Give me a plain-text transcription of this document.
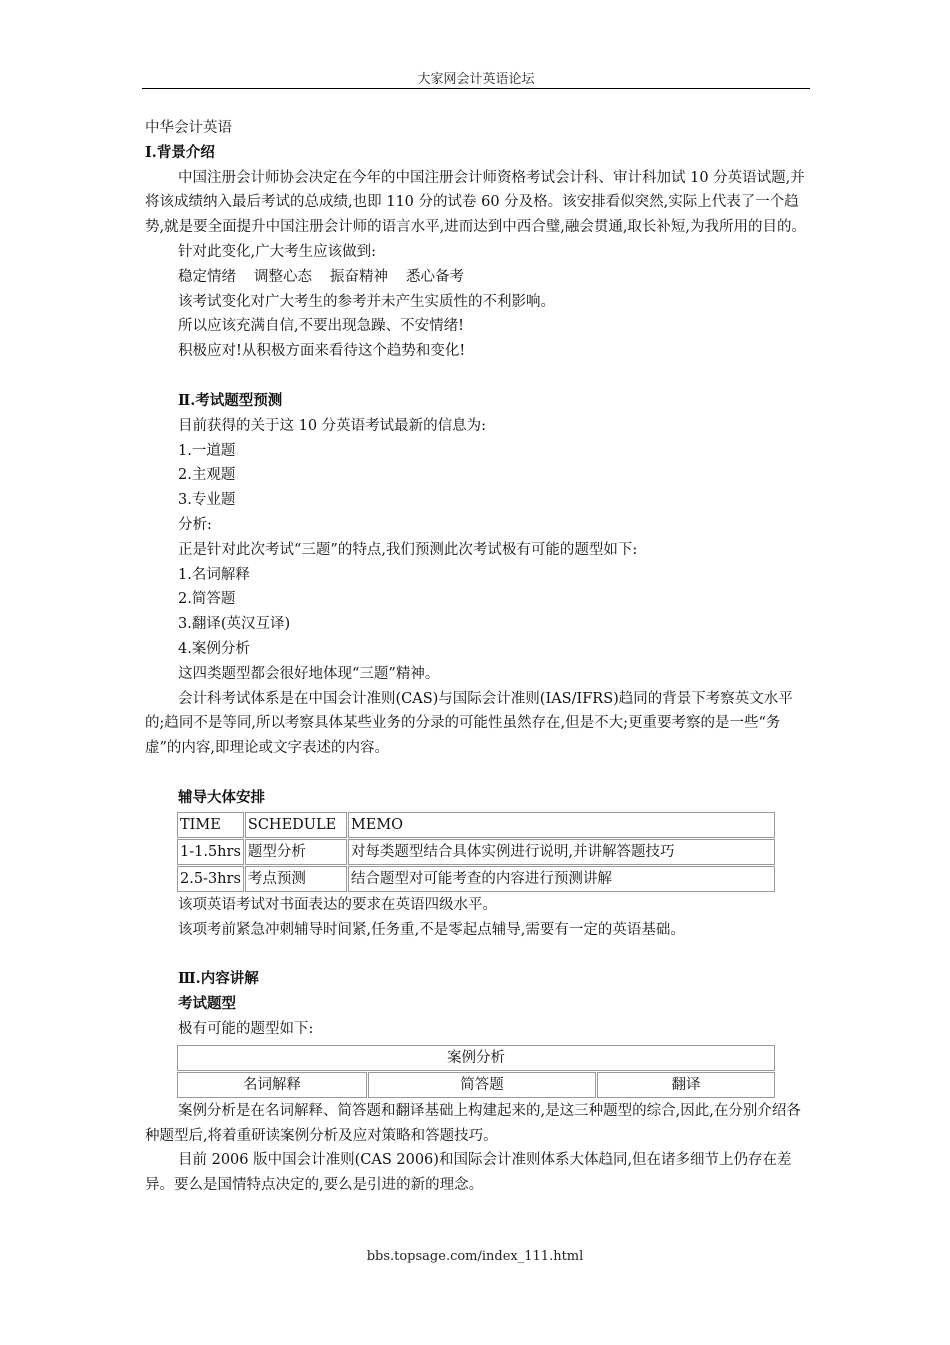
大家网会计英语论坛

中华会计英语

Ⅰ.背景介绍

中国注册会计师协会决定在今年的中国注册会计师资格考试会计科、审计科加试 10 分英语试题,并将该成绩纳入最后考试的总成绩,也即 110 分的试卷 60 分及格。该安排看似突然,实际上代表了一个趋势,就是要全面提升中国注册会计师的语言水平,进而达到中西合璧,融会贯通,取长补短,为我所用的目的。

针对此变化,广大考生应该做到:

稳定情绪 调整心态 振奋精神 悉心备考

该考试变化对广大考生的参考并未产生实质性的不利影响。

所以应该充满自信,不要出现急躁、不安情绪!

积极应对!从积极方面来看待这个趋势和变化!

Ⅱ.考试题型预测

目前获得的关于这 10 分英语考试最新的信息为:

1.一道题

2.主观题

3.专业题

分析:

正是针对此次考试“三题”的特点,我们预测此次考试极有可能的题型如下:

1.名词解释

2.简答题

3.翻译(英汉互译)

4.案例分析

这四类题型都会很好地体现“三题”精神。

会计科考试体系是在中国会计准则(CAS)与国际会计准则(IAS/IFRS)趋同的背景下考察英文水平的;趋同不是等同,所以考察具体某些业务的分录的可能性虽然存在,但是不大;更重要考察的是一些“务虚”的内容,即理论或文字表述的内容。

辅导大体安排

TIME	SCHEDULE	MEMO
1-1.5hrs	题型分析	对每类题型结合具体实例进行说明,并讲解答题技巧
2.5-3hrs	考点预测	结合题型对可能考查的内容进行预测讲解

该项英语考试对书面表达的要求在英语四级水平。

该项考前紧急冲刺辅导时间紧,任务重,不是零起点辅导,需要有一定的英语基础。

Ⅲ.内容讲解

考试题型

极有可能的题型如下:

案例分析
名词解释	简答题	翻译

案例分析是在名词解释、简答题和翻译基础上构建起来的,是这三种题型的综合,因此,在分别介绍各种题型后,将着重研读案例分析及应对策略和答题技巧。

目前 2006 版中国会计准则(CAS 2006)和国际会计准则体系大体趋同,但在诸多细节上仍存在差异。要么是国情特点决定的,要么是引进的新的理念。

bbs.topsage.com/index_111.html
